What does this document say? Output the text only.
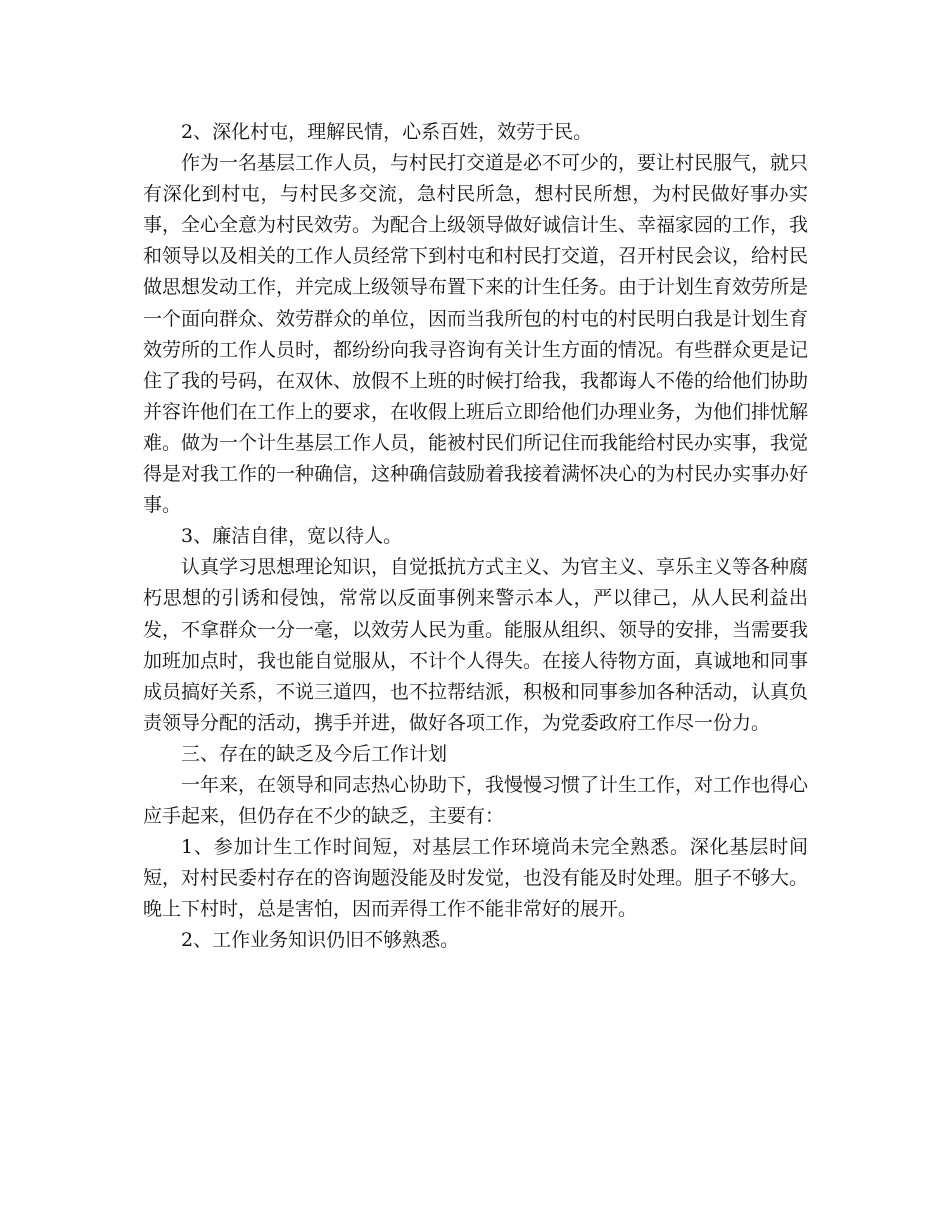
2、深化村屯，理解民情，心系百姓，效劳于民。

作为一名基层工作人员，与村民打交道是必不可少的，要让村民服气，就只有深化到村屯，与村民多交流，急村民所急，想村民所想，为村民做好事办实事，全心全意为村民效劳。为配合上级领导做好诚信计生、幸福家园的工作，我和领导以及相关的工作人员经常下到村屯和村民打交道，召开村民会议，给村民做思想发动工作，并完成上级领导布置下来的计生任务。由于计划生育效劳所是一个面向群众、效劳群众的单位，因而当我所包的村屯的村民明白我是计划生育效劳所的工作人员时，都纷纷向我寻咨询有关计生方面的情况。有些群众更是记住了我的号码，在双休、放假不上班的时候打给我，我都诲人不倦的给他们协助并容许他们在工作上的要求，在收假上班后立即给他们办理业务，为他们排忧解难。做为一个计生基层工作人员，能被村民们所记住而我能给村民办实事，我觉得是对我工作的一种确信，这种确信鼓励着我接着满怀决心的为村民办实事办好事。

3、廉洁自律，宽以待人。

认真学习思想理论知识，自觉抵抗方式主义、为官主义、享乐主义等各种腐朽思想的引诱和侵蚀，常常以反面事例来警示本人，严以律己，从人民利益出发，不拿群众一分一毫，以效劳人民为重。能服从组织、领导的安排，当需要我加班加点时，我也能自觉服从，不计个人得失。在接人待物方面，真诚地和同事成员搞好关系，不说三道四，也不拉帮结派，积极和同事参加各种活动，认真负责领导分配的活动，携手并进，做好各项工作，为党委政府工作尽一份力。

三、存在的缺乏及今后工作计划

一年来，在领导和同志热心协助下，我慢慢习惯了计生工作，对工作也得心应手起来，但仍存在不少的缺乏，主要有：

1、参加计生工作时间短，对基层工作环境尚未完全熟悉。深化基层时间短，对村民委村存在的咨询题没能及时发觉，也没有能及时处理。胆子不够大。晚上下村时，总是害怕，因而弄得工作不能非常好的展开。

2、工作业务知识仍旧不够熟悉。
